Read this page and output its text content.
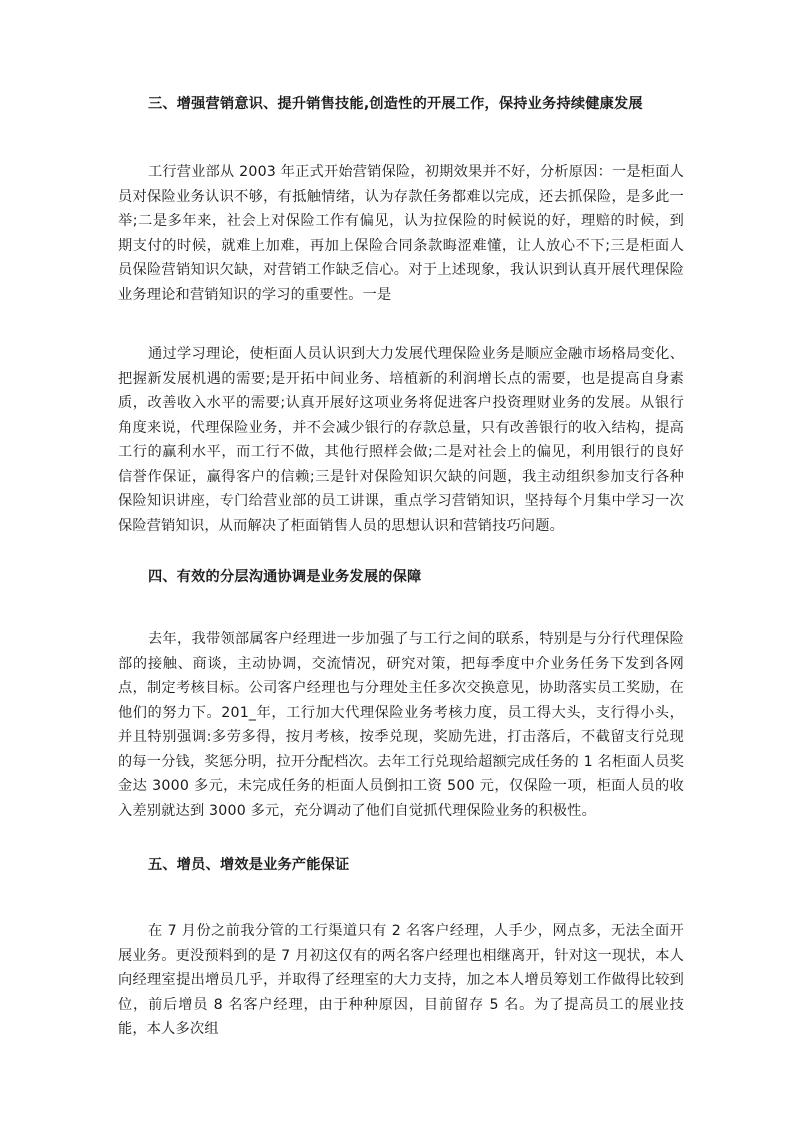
三、增强营销意识、提升销售技能,创造性的开展工作，保持业务持续健康发展

工行营业部从 2003 年正式开始营销保险，初期效果并不好，分析原因：一是柜面人员对保险业务认识不够，有抵触情绪，认为存款任务都难以完成，还去抓保险，是多此一举;二是多年来，社会上对保险工作有偏见，认为拉保险的时候说的好，理赔的时候，到期支付的时候，就难上加难，再加上保险合同条款晦涩难懂，让人放心不下;三是柜面人员保险营销知识欠缺，对营销工作缺乏信心。对于上述现象，我认识到认真开展代理保险业务理论和营销知识的学习的重要性。一是

通过学习理论，使柜面人员认识到大力发展代理保险业务是顺应金融市场格局变化、把握新发展机遇的需要;是开拓中间业务、培植新的利润增长点的需要，也是提高自身素质，改善收入水平的需要;认真开展好这项业务将促进客户投资理财业务的发展。从银行角度来说，代理保险业务，并不会减少银行的存款总量，只有改善银行的收入结构，提高工行的赢利水平，而工行不做，其他行照样会做;二是对社会上的偏见，利用银行的良好信誉作保证，赢得客户的信赖;三是针对保险知识欠缺的问题，我主动组织参加支行各种保险知识讲座，专门给营业部的员工讲课，重点学习营销知识，坚持每个月集中学习一次保险营销知识，从而解决了柜面销售人员的思想认识和营销技巧问题。

四、有效的分层沟通协调是业务发展的保障

去年，我带领部属客户经理进一步加强了与工行之间的联系，特别是与分行代理保险部的接触、商谈，主动协调，交流情况，研究对策，把每季度中介业务任务下发到各网点，制定考核目标。公司客户经理也与分理处主任多次交换意见，协助落实员工奖励，在他们的努力下。201_年，工行加大代理保险业务考核力度，员工得大头，支行得小头，并且特别强调:多劳多得，按月考核，按季兑现，奖励先进，打击落后，不截留支行兑现的每一分钱，奖惩分明，拉开分配档次。去年工行兑现给超额完成任务的 1 名柜面人员奖金达 3000 多元，未完成任务的柜面人员倒扣工资 500 元，仅保险一项，柜面人员的收入差别就达到 3000 多元，充分调动了他们自觉抓代理保险业务的积极性。

五、增员、增效是业务产能保证

在 7 月份之前我分管的工行渠道只有 2 名客户经理，人手少，网点多，无法全面开展业务。更没预料到的是 7 月初这仅有的两名客户经理也相继离开，针对这一现状，本人向经理室提出增员几乎，并取得了经理室的大力支持，加之本人增员筹划工作做得比较到位，前后增员 8 名客户经理，由于种种原因，目前留存 5 名。为了提高员工的展业技能，本人多次组
